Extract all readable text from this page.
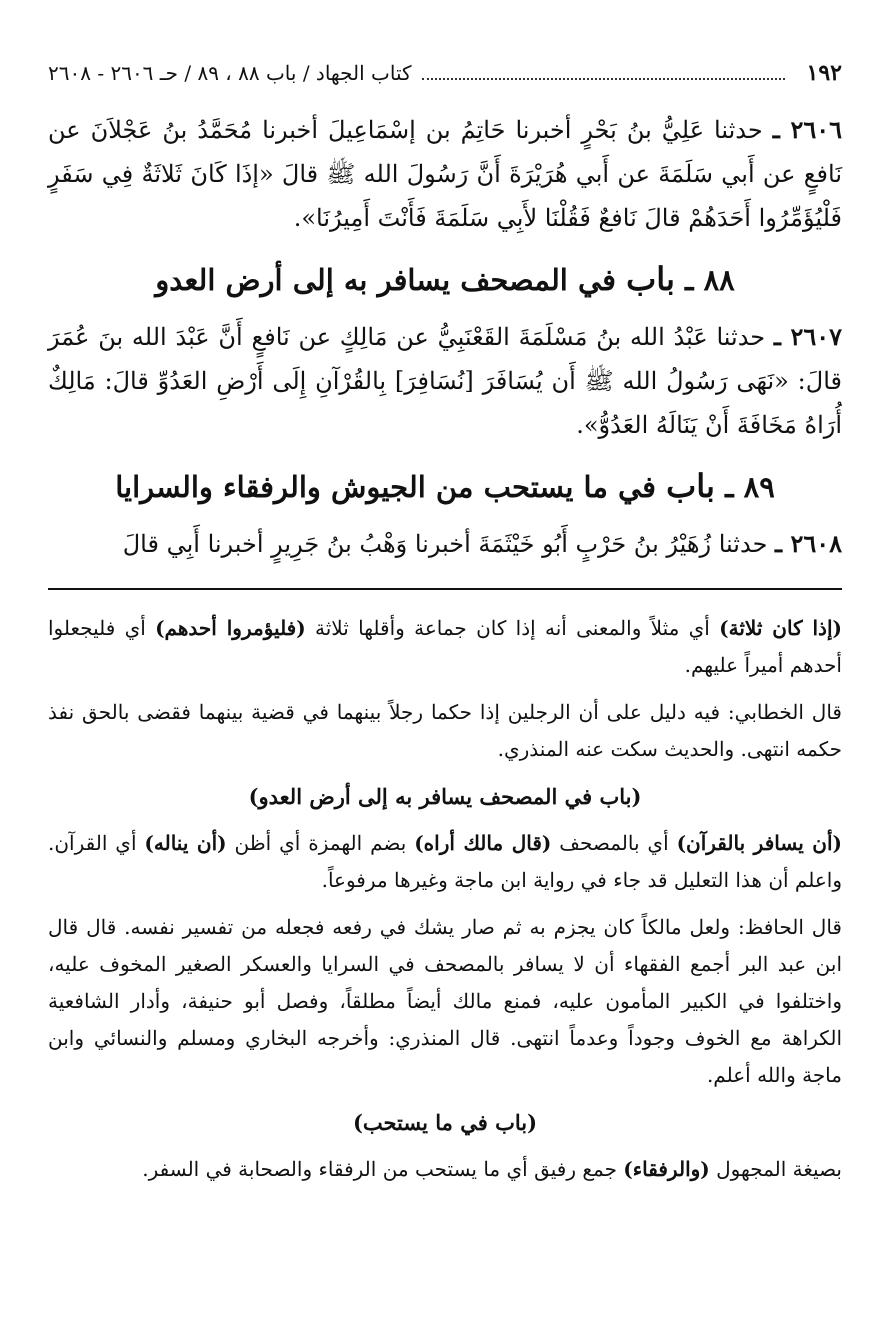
١٩٢
كتاب الجهاد / باب ٨٨ ، ٨٩ / حـ ٢٦٠٦ - ٢٦٠٨

٢٦٠٦ ـ حدثنا عَلِيُّ بنُ بَحْرٍ أخبرنا حَاتِمُ بن إسْمَاعِيلَ أخبرنا مُحَمَّدُ بنُ عَجْلاَنَ عن نَافعٍ عن أَبي سَلَمَةَ عن أَبي هُرَيْرَةَ أَنَّ رَسُولَ الله ﷺ قالَ «إذَا كَانَ ثَلاثَةٌ فِي سَفَرٍ فَلْيُؤَمِّرُوا أَحَدَهُمْ قالَ نَافعٌ فَقُلْنَا لأَبِي سَلَمَةَ فَأَنْتَ أَمِيرُنَا».

٨٨ ـ باب في المصحف يسافر به إلى أرض العدو

٢٦٠٧ ـ حدثنا عَبْدُ الله بنُ مَسْلَمَةَ القَعْنَبِيُّ عن مَالِكٍ عن نَافعٍ أَنَّ عَبْدَ الله بنَ عُمَرَ قالَ: «نَهَى رَسُولُ الله ﷺ أَن يُسَافَرَ [نُسَافِرَ] بِالقُرْآنِ إِلَى أَرْضِ العَدُوِّ قالَ: مَالِكٌ أُرَاهُ مَخَافَةَ أَنْ يَنَالَهُ العَدُوُّ».

٨٩ ـ باب في ما يستحب من الجيوش والرفقاء والسرايا

٢٦٠٨ ـ حدثنا زُهَيْرُ بنُ حَرْبٍ أَبُو خَيْثَمَةَ أخبرنا وَهْبُ بنُ جَرِيرٍ أخبرنا أَبِي قالَ

(إذا كان ثلاثة) أي مثلاً والمعنى أنه إذا كان جماعة وأقلها ثلاثة (فليؤمروا أحدهم) أي فليجعلوا أحدهم أميراً عليهم.

قال الخطابي: فيه دليل على أن الرجلين إذا حكما رجلاً بينهما في قضية بينهما فقضى بالحق نفذ حكمه انتهى. والحديث سكت عنه المنذري.

(باب في المصحف يسافر به إلى أرض العدو)

(أن يسافر بالقرآن) أي بالمصحف (قال مالك أراه) بضم الهمزة أي أظن (أن يناله) أي القرآن. واعلم أن هذا التعليل قد جاء في رواية ابن ماجة وغيرها مرفوعاً.

قال الحافظ: ولعل مالكاً كان يجزم به ثم صار يشك في رفعه فجعله من تفسير نفسه. قال قال ابن عبد البر أجمع الفقهاء أن لا يسافر بالمصحف في السرايا والعسكر الصغير المخوف عليه، واختلفوا في الكبير المأمون عليه، فمنع مالك أيضاً مطلقاً، وفصل أبو حنيفة، وأدار الشافعية الكراهة مع الخوف وجوداً وعدماً انتهى. قال المنذري: وأخرجه البخاري ومسلم والنسائي وابن ماجة والله أعلم.

(باب في ما يستحب)

بصيغة المجهول (والرفقاء) جمع رفيق أي ما يستحب من الرفقاء والصحابة في السفر.
